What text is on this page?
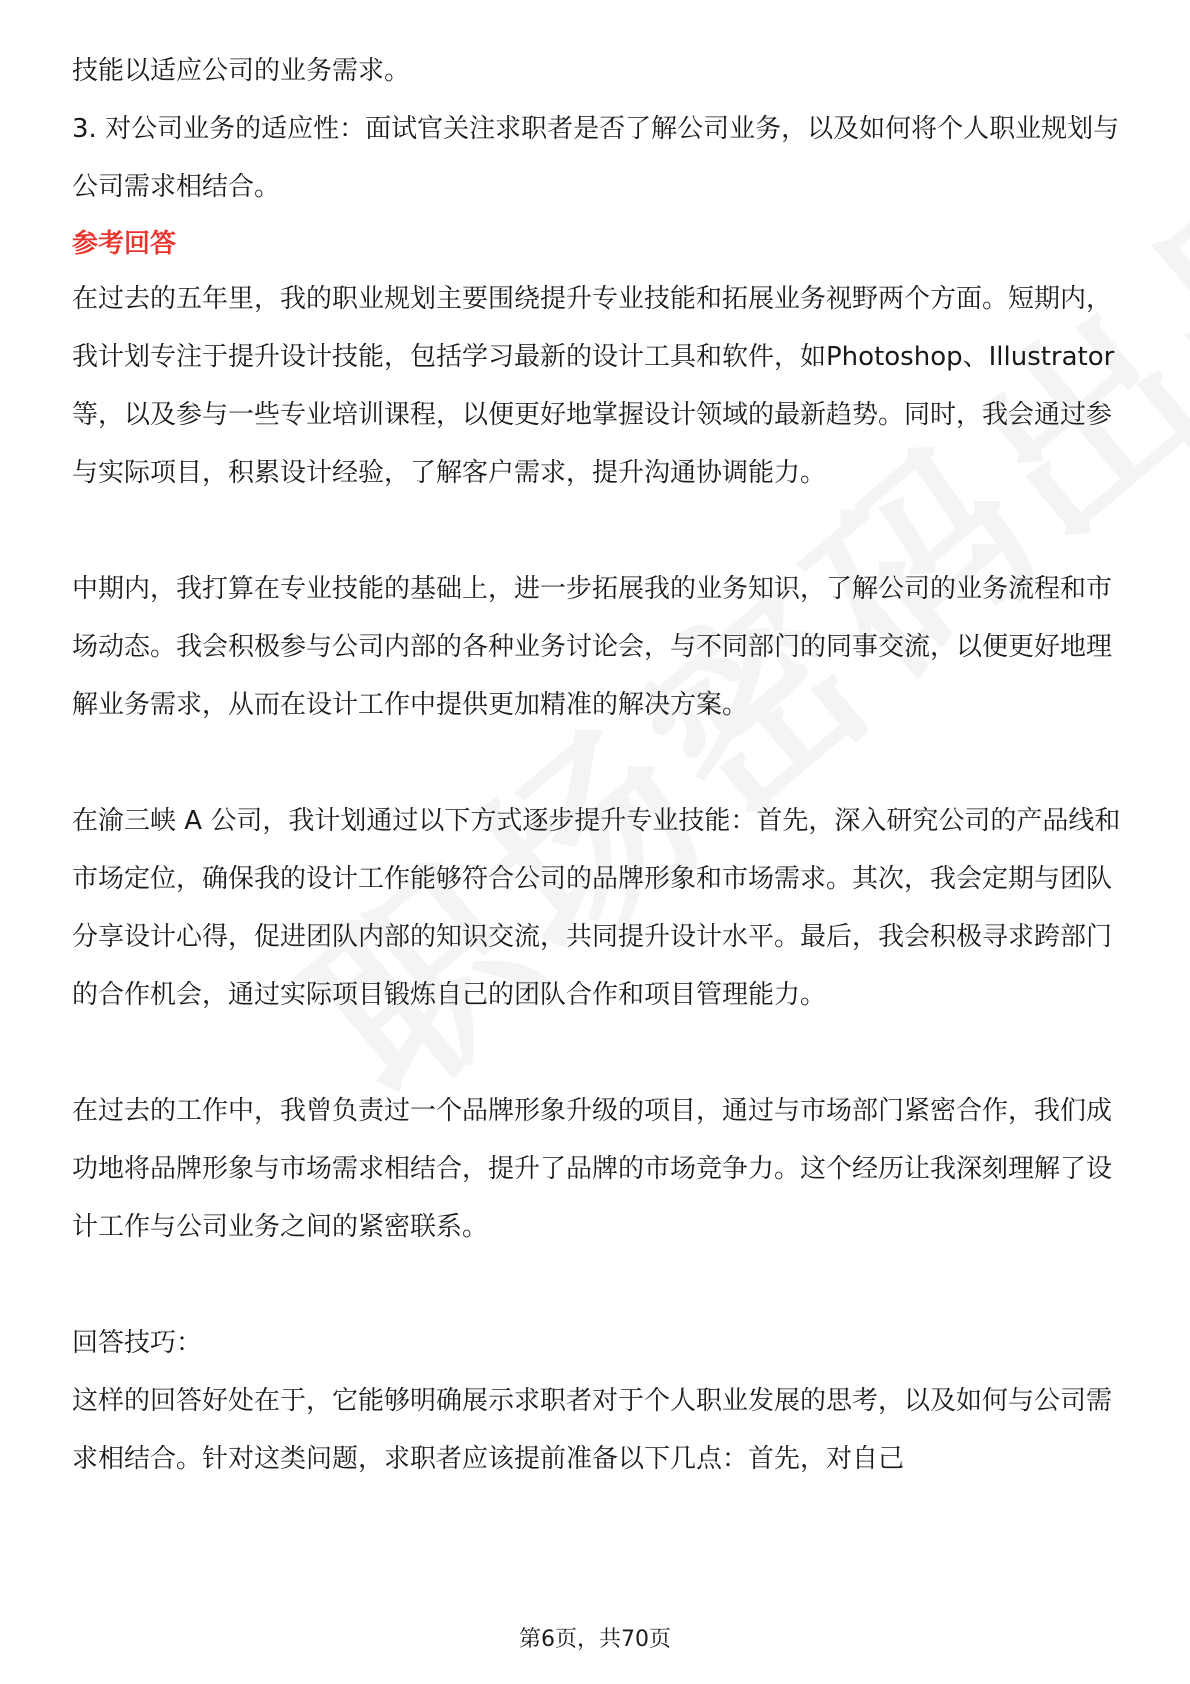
技能以适应公司的业务需求。

3. 对公司业务的适应性：面试官关注求职者是否了解公司业务，以及如何将个人职业规划与公司需求相结合。

参考回答

在过去的五年里，我的职业规划主要围绕提升专业技能和拓展业务视野两个方面。短期内，我计划专注于提升设计技能，包括学习最新的设计工具和软件，如Photoshop、Illustrator等，以及参与一些专业培训课程，以便更好地掌握设计领域的最新趋势。同时，我会通过参与实际项目，积累设计经验，了解客户需求，提升沟通协调能力。

中期内，我打算在专业技能的基础上，进一步拓展我的业务知识，了解公司的业务流程和市场动态。我会积极参与公司内部的各种业务讨论会，与不同部门的同事交流，以便更好地理解业务需求，从而在设计工作中提供更加精准的解决方案。

在渝三峡 A 公司，我计划通过以下方式逐步提升专业技能：首先，深入研究公司的产品线和市场定位，确保我的设计工作能够符合公司的品牌形象和市场需求。其次，我会定期与团队分享设计心得，促进团队内部的知识交流，共同提升设计水平。最后，我会积极寻求跨部门的合作机会，通过实际项目锻炼自己的团队合作和项目管理能力。

在过去的工作中，我曾负责过一个品牌形象升级的项目，通过与市场部门紧密合作，我们成功地将品牌形象与市场需求相结合，提升了品牌的市场竞争力。这个经历让我深刻理解了设计工作与公司业务之间的紧密联系。

回答技巧：

这样的回答好处在于，它能够明确展示求职者对于个人职业发展的思考，以及如何与公司需求相结合。针对这类问题，求职者应该提前准备以下几点：首先，对自己

第6页，共70页
